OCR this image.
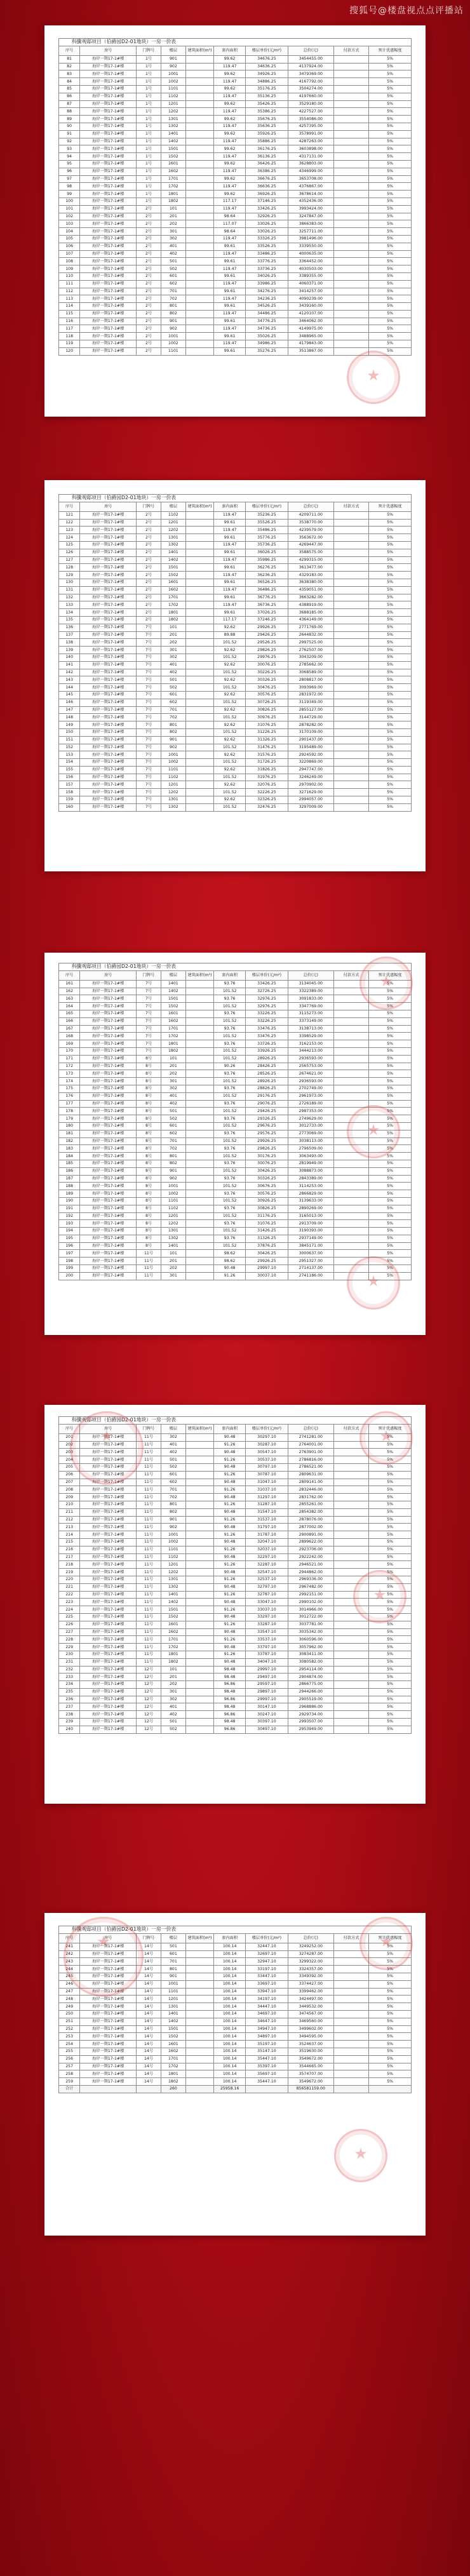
搜狐号@楼盘视点点评播站
科騰观邸项目（伯爵园D2-01地块）一房一价表									
序号	房号	门牌号	楼层	建筑面积(m²)	套内面积	楼层单价(元/m²)	总价(元)	付款方式	预计优惠幅度
81	海岸一期17-1#楼	1号	901		99.62	34676.25	3454455.00		5%
82	海岸一期17-1#楼	1号	902		119.47	34636.25	4137924.00		5%
83	海岸一期17-1#楼	1号	1001		99.62	34926.25	3479369.00		5%
84	海岸一期17-1#楼	1号	1002		119.47	34886.25	4167792.00		5%
85	海岸一期17-1#楼	1号	1101		99.62	35176.25	3504274.00		5%
86	海岸一期17-1#楼	1号	1102		119.47	35136.25	4197660.00		5%
87	海岸一期17-1#楼	1号	1201		99.62	35426.25	3529180.00		5%
88	海岸一期17-1#楼	1号	1202		119.47	35386.25	4227527.00		5%
89	海岸一期17-1#楼	1号	1301		99.62	35676.25	3554086.00		5%
90	海岸一期17-1#楼	1号	1302		119.47	35636.25	4257395.00		5%
91	海岸一期17-1#楼	1号	1401		99.62	35926.25	3578991.00		5%
92	海岸一期17-1#楼	1号	1402		119.47	35886.25	4287263.00		5%
93	海岸一期17-1#楼	1号	1501		99.62	36176.25	3603898.00		5%
94	海岸一期17-1#楼	1号	1502		119.47	36136.25	4317131.00		5%
95	海岸一期17-1#楼	1号	1601		99.62	36426.25	3628803.00		5%
96	海岸一期17-1#楼	1号	1602		119.47	36386.25	4346999.00		5%
97	海岸一期17-1#楼	1号	1701		99.62	36676.25	3653708.00		5%
98	海岸一期17-1#楼	1号	1702		119.47	36636.25	4376867.00		5%
99	海岸一期17-1#楼	1号	1801		99.62	36926.25	3678614.00		5%
100	海岸一期17-1#楼	1号	1802		117.17	37146.25	4352436.00		5%
101	海岸一期17-1#楼	2号	101		119.47	33426.25	3993424.00		5%
102	海岸一期17-1#楼	2号	201		98.64	32926.25	3247847.00		5%
103	海岸一期17-1#楼	2号	202		117.07	33026.25	3866383.00		5%
104	海岸一期17-1#楼	2号	301		98.64	33026.25	3257711.00		5%
105	海岸一期17-1#楼	2号	302		119.47	33326.25	3981496.00		5%
106	海岸一期17-1#楼	2号	401		99.61	33526.25	3339550.00		5%
107	海岸一期17-1#楼	2号	402		119.47	33486.25	4000635.00		5%
108	海岸一期17-1#楼	2号	501		99.61	33776.25	3364452.00		5%
109	海岸一期17-1#楼	2号	502		119.47	33736.25	4030503.00		5%
110	海岸一期17-1#楼	2号	601		99.61	34026.25	3389355.00		5%
111	海岸一期17-1#楼	2号	602		119.47	33986.25	4060371.00		5%
112	海岸一期17-1#楼	2号	701		99.61	34276.25	3414257.00		5%
113	海岸一期17-1#楼	2号	702		119.47	34236.25	4090239.00		5%
114	海岸一期17-1#楼	2号	801		99.61	34526.25	3439160.00		5%
115	海岸一期17-1#楼	2号	802		119.47	34486.25	4120107.00		5%
116	海岸一期17-1#楼	2号	901		99.61	34776.25	3464062.00		5%
117	海岸一期17-1#楼	2号	902		119.47	34736.25	4149975.00		5%
118	海岸一期17-1#楼	2号	1001		99.61	35026.25	3488965.00		5%
119	海岸一期17-1#楼	2号	1002		119.47	34986.25	4179843.00		5%
120	海岸一期17-1#楼	2号	1101		99.61	35276.25	3513867.00		5%
★
科騰观邸项目（伯爵园D2-01地块）一房一价表									
序号	房号	门牌号	楼层	建筑面积(m²)	套内面积	楼层单价(元/m²)	总价(元)	付款方式	预计优惠幅度
121	海岸一期17-1#楼	2号	1102		119.47	35236.25	4209711.00		5%
122	海岸一期17-1#楼	2号	1201		99.61	35526.25	3538770.00		5%
123	海岸一期17-1#楼	2号	1202		119.47	35486.25	4239579.00		5%
124	海岸一期17-1#楼	2号	1301		99.61	35776.25	3563672.00		5%
125	海岸一期17-1#楼	2号	1302		119.47	35736.25	4269447.00		5%
126	海岸一期17-1#楼	2号	1401		99.61	36026.25	3588575.00		5%
127	海岸一期17-1#楼	2号	1402		119.47	35986.25	4299315.00		5%
128	海岸一期17-1#楼	2号	1501		99.61	36276.25	3613477.00		5%
129	海岸一期17-1#楼	2号	1502		119.47	36236.25	4329183.00		5%
130	海岸一期17-1#楼	2号	1601		99.61	36526.25	3638380.00		5%
131	海岸一期17-1#楼	2号	1602		119.47	36486.25	4359051.00		5%
132	海岸一期17-1#楼	2号	1701		99.61	36776.25	3663282.00		5%
133	海岸一期17-1#楼	2号	1702		119.47	36736.25	4388919.00		5%
134	海岸一期17-1#楼	2号	1801		99.61	37026.25	3688185.00		5%
135	海岸一期17-1#楼	2号	1802		117.17	37246.25	4364149.00		5%
136	海岸一期17-1#楼	7号	101		92.62	29926.25	2771769.00		5%
137	海岸一期17-1#楼	7号	201		89.88	29426.25	2644832.00		5%
138	海岸一期17-1#楼	7号	202		101.52	29526.25	2997525.00		5%
139	海岸一期17-1#楼	7号	301		92.62	29826.25	2762507.00		5%
140	海岸一期17-1#楼	7号	302		101.52	29976.25	3043209.00		5%
141	海岸一期17-1#楼	7号	401		92.62	30076.25	2785662.00		5%
142	海岸一期17-1#楼	7号	402		101.52	30226.25	3068589.00		5%
143	海岸一期17-1#楼	7号	501		92.62	30326.25	2808817.00		5%
144	海岸一期17-1#楼	7号	502		101.52	30476.25	3093969.00		5%
145	海岸一期17-1#楼	7号	601		92.62	30576.25	2831972.00		5%
146	海岸一期17-1#楼	7号	602		101.52	30726.25	3119349.00		5%
147	海岸一期17-1#楼	7号	701		92.62	30826.25	2855127.00		5%
148	海岸一期17-1#楼	7号	702		101.52	30976.25	3144729.00		5%
149	海岸一期17-1#楼	7号	801		92.62	31076.25	2878282.00		5%
150	海岸一期17-1#楼	7号	802		101.52	31226.25	3170109.00		5%
151	海岸一期17-1#楼	7号	901		92.62	31326.25	2901437.00		5%
152	海岸一期17-1#楼	7号	902		101.52	31476.25	3195489.00		5%
153	海岸一期17-1#楼	7号	1001		92.62	31576.25	2924592.00		5%
154	海岸一期17-1#楼	7号	1002		101.52	31726.25	3220869.00		5%
155	海岸一期17-1#楼	7号	1101		92.62	31826.25	2947747.00		5%
156	海岸一期17-1#楼	7号	1102		101.52	31976.25	3246249.00		5%
157	海岸一期17-1#楼	7号	1201		92.62	32076.25	2970902.00		5%
158	海岸一期17-1#楼	7号	1202		101.52	32226.25	3271629.00		5%
159	海岸一期17-1#楼	7号	1301		92.62	32326.25	2994057.00		5%
160	海岸一期17-1#楼	7号	1302		101.52	32476.25	3297009.00		5%
科騰观邸项目（伯爵园D2-01地块）一房一价表									
序号	房号	门牌号	楼层	建筑面积(m²)	套内面积	楼层单价(元/m²)	总价(元)	付款方式	预计优惠幅度
161	海岸一期17-1#楼	7号	1401		93.76	33426.25	3134045.00		5%
162	海岸一期17-1#楼	7号	1402		101.52	32726.25	3322389.00		5%
163	海岸一期17-1#楼	7号	1501		93.76	32976.25	3091833.00		5%
164	海岸一期17-1#楼	7号	1502		101.52	32976.25	3347769.00		5%
165	海岸一期17-1#楼	7号	1601		93.76	33226.25	3115273.00		5%
166	海岸一期17-1#楼	7号	1602		101.52	33226.25	3373149.00		5%
167	海岸一期17-1#楼	7号	1701		93.76	33476.25	3138713.00		5%
168	海岸一期17-1#楼	7号	1702		101.52	33476.25	3398529.00		5%
169	海岸一期17-1#楼	7号	1801		93.76	33726.25	3162153.00		5%
170	海岸一期17-1#楼	7号	1802		101.52	33926.25	3444213.00		5%
171	海岸一期17-1#楼	8号	101		101.52	28926.25	2936593.00		5%
172	海岸一期17-1#楼	8号	201		90.26	28426.25	2565753.00		5%
173	海岸一期17-1#楼	8号	202		93.76	28526.25	2674621.00		5%
174	海岸一期17-1#楼	8号	301		101.52	28926.25	2936593.00		5%
175	海岸一期17-1#楼	8号	302		93.76	28826.25	2702749.00		5%
176	海岸一期17-1#楼	8号	401		101.52	29176.25	2961973.00		5%
177	海岸一期17-1#楼	8号	402		93.76	29076.25	2726189.00		5%
178	海岸一期17-1#楼	8号	501		101.52	29426.25	2987353.00		5%
179	海岸一期17-1#楼	8号	502		93.76	29326.25	2749629.00		5%
180	海岸一期17-1#楼	8号	601		101.52	29676.25	3012733.00		5%
181	海岸一期17-1#楼	8号	602		93.76	29576.25	2773069.00		5%
182	海岸一期17-1#楼	8号	701		101.52	29926.25	3038113.00		5%
183	海岸一期17-1#楼	8号	702		93.76	29826.25	2796509.00		5%
184	海岸一期17-1#楼	8号	801		101.52	30176.25	3063493.00		5%
185	海岸一期17-1#楼	8号	802		93.76	30076.25	2819949.00		5%
186	海岸一期17-1#楼	8号	901		101.52	30426.25	3088873.00		5%
187	海岸一期17-1#楼	8号	902		93.76	30326.25	2843389.00		5%
188	海岸一期17-1#楼	8号	1001		101.52	30676.25	3114253.00		5%
189	海岸一期17-1#楼	8号	1002		93.76	30576.25	2866829.00		5%
190	海岸一期17-1#楼	8号	1101		101.52	30926.25	3139633.00		5%
191	海岸一期17-1#楼	8号	1102		93.76	30826.25	2890269.00		5%
192	海岸一期17-1#楼	8号	1201		101.52	31176.25	3165013.00		5%
193	海岸一期17-1#楼	8号	1202		93.76	31076.25	2913709.00		5%
194	海岸一期17-1#楼	8号	1301		101.52	31426.25	3190393.00		5%
195	海岸一期17-1#楼	8号	1302		93.76	31326.25	2937149.00		5%
196	海岸一期17-1#楼	8号	1401		101.52	37876.25	3845171.00		5%
197	海岸一期17-1#楼	11号	101		98.62	30426.25	3000637.00		5%
198	海岸一期17-1#楼	11号	201		98.62	29926.25	2951327.00		5%
199	海岸一期17-1#楼	11号	202		90.48	29997.10	2714137.00		5%
200	海岸一期17-1#楼	11号	301		91.26	30037.10	2741186.00		5%
★
★
★
科騰观邸项目（伯爵园D2-01地块）一房一价表									
序号	房号	门牌号	楼层	建筑面积(m²)	套内面积	楼层单价(元/m²)	总价(元)	付款方式	预计优惠幅度
201	海岸一期17-1#楼	11号	302		90.48	30297.10	2741281.00		5%
202	海岸一期17-1#楼	11号	401		91.26	30287.10	2764001.00		5%
203	海岸一期17-1#楼	11号	402		90.48	30547.10	2763901.00		5%
204	海岸一期17-1#楼	11号	501		91.26	30537.10	2786816.00		5%
205	海岸一期17-1#楼	11号	502		90.48	30797.10	2786521.00		5%
206	海岸一期17-1#楼	11号	601		91.26	30787.10	2809631.00		5%
207	海岸一期17-1#楼	11号	602		90.48	31047.10	2809141.00		5%
208	海岸一期17-1#楼	11号	701		91.26	31037.10	2832446.00		5%
209	海岸一期17-1#楼	11号	702		90.48	31297.10	2831762.00		5%
210	海岸一期17-1#楼	11号	801		91.26	31287.10	2855261.00		5%
211	海岸一期17-1#楼	11号	802		90.48	31547.10	2854382.00		5%
212	海岸一期17-1#楼	11号	901		91.26	31537.10	2878076.00		5%
213	海岸一期17-1#楼	11号	902		90.48	31797.10	2877002.00		5%
214	海岸一期17-1#楼	11号	1001		91.26	31787.10	2900891.00		5%
215	海岸一期17-1#楼	11号	1002		90.48	32047.10	2899622.00		5%
216	海岸一期17-1#楼	11号	1101		91.26	32037.10	2923706.00		5%
217	海岸一期17-1#楼	11号	1102		90.48	32297.10	2922242.00		5%
218	海岸一期17-1#楼	11号	1201		91.26	32287.10	2946521.00		5%
219	海岸一期17-1#楼	11号	1202		90.48	32547.10	2944862.00		5%
220	海岸一期17-1#楼	11号	1301		91.26	32537.10	2969336.00		5%
221	海岸一期17-1#楼	11号	1302		90.48	32797.10	2967482.00		5%
222	海岸一期17-1#楼	11号	1401		91.26	32787.10	2992151.00		5%
223	海岸一期17-1#楼	11号	1402		90.48	33047.10	2990102.00		5%
224	海岸一期17-1#楼	11号	1501		91.26	33037.10	3014966.00		5%
225	海岸一期17-1#楼	11号	1502		90.48	33297.10	3012722.00		5%
226	海岸一期17-1#楼	11号	1601		91.26	33287.10	3037781.00		5%
227	海岸一期17-1#楼	11号	1602		90.48	33547.10	3035342.00		5%
228	海岸一期17-1#楼	11号	1701		91.26	33537.10	3060596.00		5%
229	海岸一期17-1#楼	11号	1702		90.48	33797.10	3057962.00		5%
230	海岸一期17-1#楼	11号	1801		91.26	33787.10	3083411.00		5%
231	海岸一期17-1#楼	11号	1802		90.48	34047.10	3080582.00		5%
232	海岸一期17-1#楼	12号	101		98.48	29997.10	2954114.00		5%
233	海岸一期17-1#楼	12号	201		98.48	29497.10	2904874.00		5%
234	海岸一期17-1#楼	12号	202		96.86	29597.10	2866775.00		5%
235	海岸一期17-1#楼	12号	301		98.48	29897.10	2944266.00		5%
236	海岸一期17-1#楼	12号	302		96.86	29997.10	2905519.00		5%
237	海岸一期17-1#楼	12号	401		98.48	30147.10	2968886.00		5%
238	海岸一期17-1#楼	12号	402		96.86	30247.10	2929734.00		5%
239	海岸一期17-1#楼	12号	501		98.48	30397.10	2993507.00		5%
240	海岸一期17-1#楼	12号	502		96.86	30497.10	2953949.00		5%
★
★
★
科騰观邸项目（伯爵园D2-01地块）一房一价表									
序号	房号	门牌号	楼层	建筑面积(m²)	套内面积	楼层单价(元/m²)	总价(元)	付款方式	预计优惠幅度
241	海岸一期17-1#楼	14号	501		100.14	32447.10	3249252.00		5%
242	海岸一期17-1#楼	14号	601		100.14	32697.10	3274287.00		5%
243	海岸一期17-1#楼	14号	701		100.14	32947.10	3299322.00		5%
244	海岸一期17-1#楼	14号	801		100.14	33197.10	3324357.00		5%
245	海岸一期17-1#楼	14号	901		100.14	33447.10	3349392.00		5%
246	海岸一期17-1#楼	14号	1001		100.14	33697.10	3374427.00		5%
247	海岸一期17-1#楼	14号	1101		100.14	33947.10	3399462.00		5%
248	海岸一期17-1#楼	14号	1201		100.14	34197.10	3424497.00		5%
249	海岸一期17-1#楼	14号	1301		100.14	34447.10	3449532.00		5%
250	海岸一期17-1#楼	14号	1401		100.14	34697.10	3474567.00		5%
251	海岸一期17-1#楼	14号	1402		100.14	34647.10	3469560.00		5%
252	海岸一期17-1#楼	14号	1501		100.14	34947.10	3499602.00		5%
253	海岸一期17-1#楼	14号	1502		100.14	34897.10	3494595.00		5%
254	海岸一期17-1#楼	14号	1601		100.14	35197.10	3524637.00		5%
255	海岸一期17-1#楼	14号	1602		100.14	35147.10	3519630.00		5%
256	海岸一期17-1#楼	14号	1701		100.14	35447.10	3549672.00		5%
257	海岸一期17-1#楼	14号	1702		100.14	35397.10	3544665.00		5%
258	海岸一期17-1#楼	14号	1801		100.14	35697.10	3574707.00		5%
259	海岸一期17-1#楼	14号	1802		100.14	35447.10	3549672.00		5%
合计			260		25958.16		856581159.00		
★
★
★
